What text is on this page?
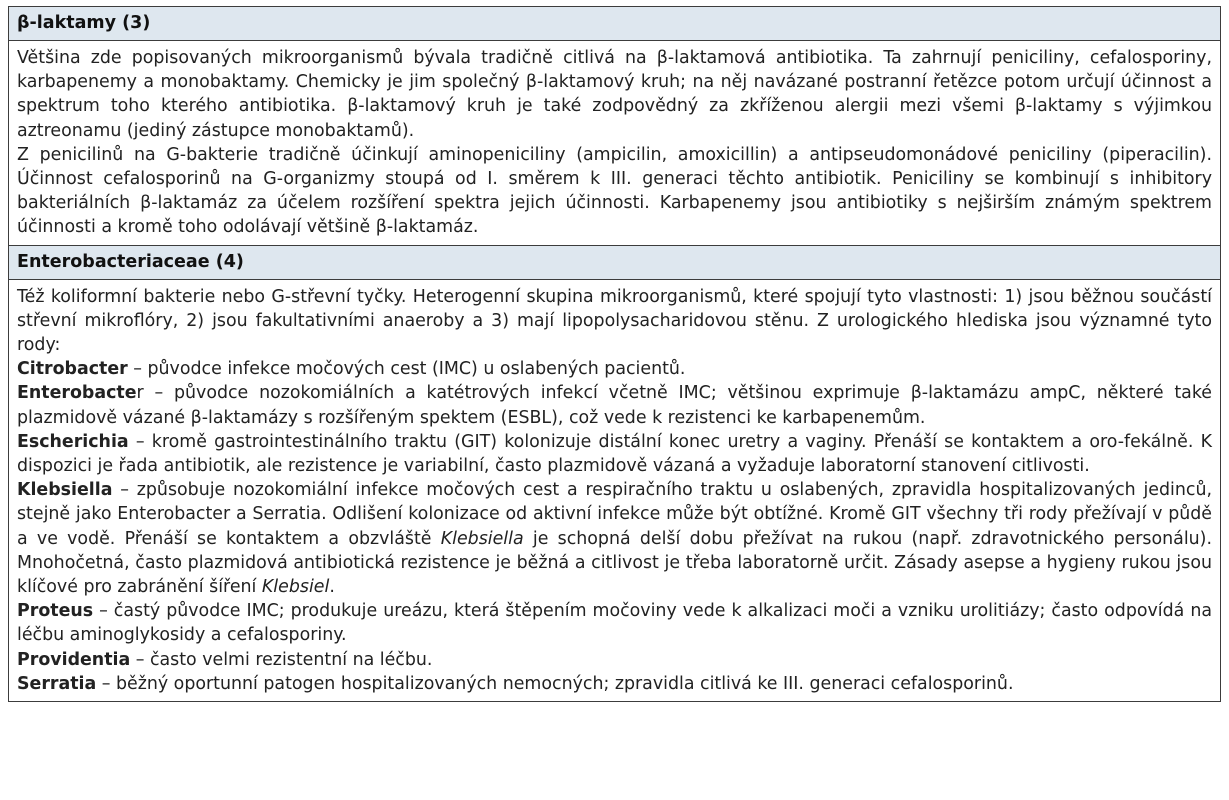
β-laktamy (3)

Většina zde popisovaných mikroorganismů bývala tradičně citlivá na β-laktamová antibiotika. Ta zahrnují peniciliny, cefalosporiny, karbapenemy a monobaktamy. Chemicky je jim společný β-laktamový kruh; na něj navázané postranní řetězce potom určují účinnost a spektrum toho kterého antibiotika. β-laktamový kruh je také zodpovědný za zkříženou alergii mezi všemi β-laktamy s výjimkou aztreonamu (jediný zástupce monobaktamů).

Z penicilinů na G-bakterie tradičně účinkují aminopeniciliny (ampicilin, amoxicillin) a antipseudomonádové peniciliny (piperacilin). Účinnost cefalosporinů na G-organizmy stoupá od I. směrem k III. generaci těchto antibiotik. Peniciliny se kombinují s inhibitory bakteriálních β-laktamáz za účelem rozšíření spektra jejich účinnosti. Karbapenemy jsou antibiotiky s nejširším známým spektrem účinnosti a kromě toho odolávají většině β-laktamáz.

Enterobacteriaceae (4)

Též koliformní bakterie nebo G-střevní tyčky. Heterogenní skupina mikroorganismů, které spojují tyto vlastnosti: 1) jsou běžnou součástí střevní mikroflóry, 2) jsou fakultativními anaeroby a 3) mají lipopolysacharidovou stěnu. Z urologického hlediska jsou významné tyto rody:

Citrobacter – původce infekce močových cest (IMC) u oslabených pacientů.

Enterobacter – původce nozokomiálních a katétrových infekcí včetně IMC; většinou exprimuje β-laktamázu ampC, některé také plazmidově vázané β-laktamázy s rozšířeným spektem (ESBL), což vede k rezistenci ke karbapenemům.

Escherichia – kromě gastrointestinálního traktu (GIT) kolonizuje distální konec uretry a vaginy. Přenáší se kontaktem a oro-fekálně. K dispozici je řada antibiotik, ale rezistence je variabilní, často plazmidově vázaná a vyžaduje laboratorní stanovení citlivosti.

Klebsiella – způsobuje nozokomiální infekce močových cest a respiračního traktu u oslabených, zpravidla hospitalizovaných jedinců, stejně jako Enterobacter a Serratia. Odlišení kolonizace od aktivní infekce může být obtížné. Kromě GIT všechny tři rody přežívají v půdě a ve vodě. Přenáší se kontaktem a obzvláště Klebsiella je schopná delší dobu přežívat na rukou (např. zdravotnického personálu). Mnohočetná, často plazmidová antibiotická rezistence je běžná a citlivost je třeba laboratorně určit. Zásady asepse a hygieny rukou jsou klíčové pro zabránění šíření Klebsiel.

Proteus – častý původce IMC; produkuje ureázu, která štěpením močoviny vede k alkalizaci moči a vzniku urolitiázy; často odpovídá na léčbu aminoglykosidy a cefalosporiny.

Providentia – často velmi rezistentní na léčbu.

Serratia – běžný oportunní patogen hospitalizovaných nemocných; zpravidla citlivá ke III. generaci cefalosporinů.
